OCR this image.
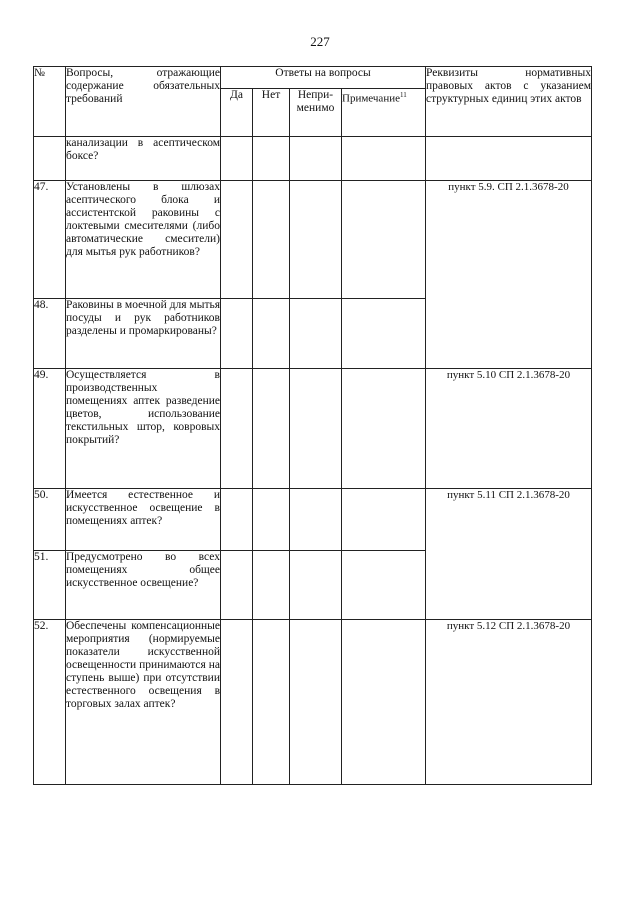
227
№	Вопросы, отражающие содержание обязательных требований	Ответы на вопросы				Реквизиты нормативных правовых актов с указанием структурных единиц этих актов
		Да	Нет	Непри-менимо	Примечание$^{11}$
	канализации в асептическом боксе?					
47.	Установлены в шлюзах асептического блока и ассистентской раковины с локтевыми смесителями (либо автоматические смесители) для мытья рук работников?					пункт 5.9. СП 2.1.3678-20
48.	Раковины в моечной для мытья посуды и рук работников разделены и промаркированы?					
49.	Осуществляется в производственных помещениях аптек разведение цветов, использование текстильных штор, ковровых покрытий?					пункт 5.10 СП 2.1.3678-20
50.	Имеется естественное и искусственное освещение в помещениях аптек?					пункт 5.11 СП 2.1.3678-20
51.	Предусмотрено во всех помещениях общее искусственное освещение?					
52.	Обеспечены компенсационные мероприятия (нормируемые показатели искусственной освещенности принимаются на ступень выше) при отсутствии естественного освещения в торговых залах аптек?					пункт 5.12 СП 2.1.3678-20
